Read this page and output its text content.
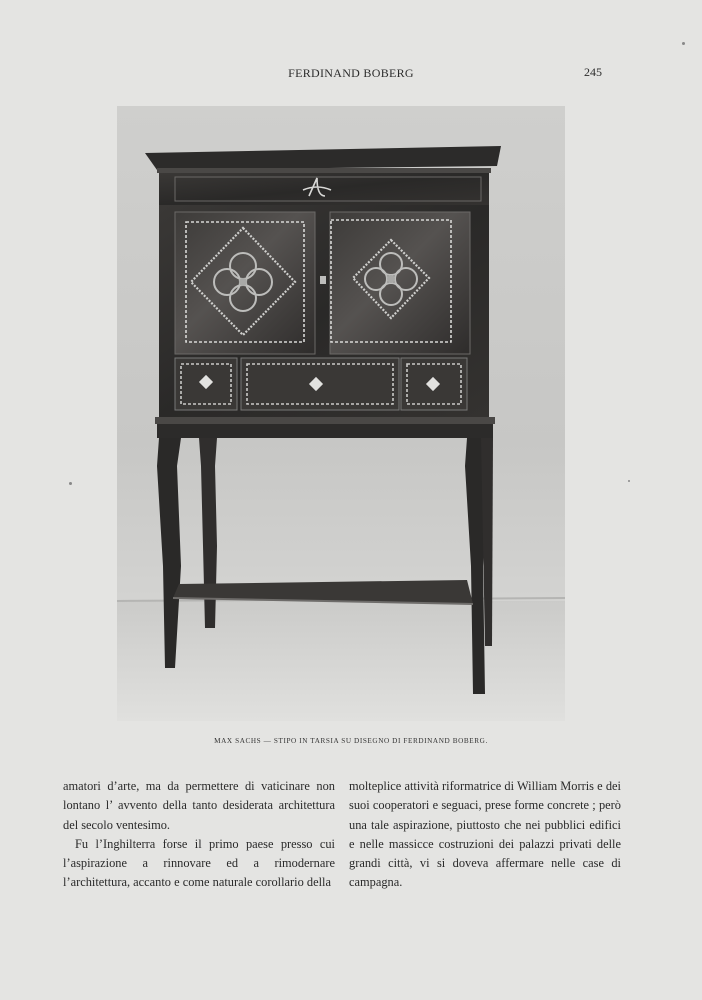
FERDINAND BOBERG	245
MAX SACHS — STIPO IN TARSIA SU DISEGNO DI FERDINAND BOBERG.

amatori d’arte, ma da permettere di vaticinare non lontano l’ avvento della tanto desiderata architettura del secolo ventesimo.

Fu l’Inghilterra forse il primo paese presso cui l’aspirazione a rinnovare ed a rimodernare l’architettura, accanto e come naturale corollario della

molteplice attività riformatrice di William Morris e dei suoi cooperatori e seguaci, prese forme concrete ; però una tale aspirazione, piuttosto che nei pubblici edifici e nelle massicce costruzioni dei palazzi privati delle grandi città, vi si doveva affermare nelle case di campagna.
